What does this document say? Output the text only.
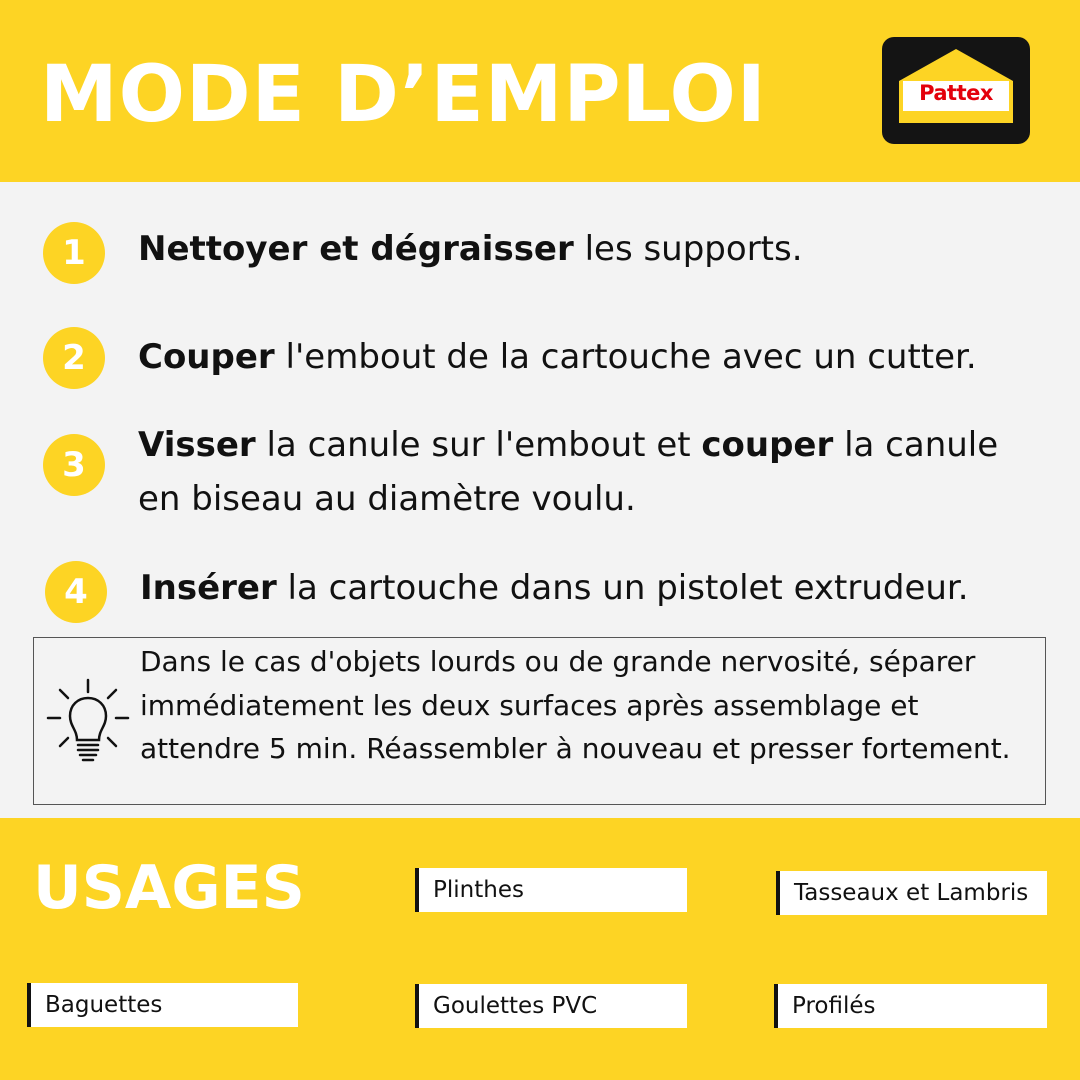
MODE D’EMPLOI	Pattex
1	Nettoyer et dégraisser les supports.
2	Couper l'embout de la cartouche avec un cutter.
3	Visser la canule sur l'embout et couper la canule
en biseau au diamètre voulu.
4	Insérer la cartouche dans un pistolet extrudeur.
Dans le cas d'objets lourds ou de grande nervosité, séparer immédiatement les deux surfaces après assemblage et attendre 5 min. Réassembler à nouveau et presser fortement.
USAGES	Plinthes	Tasseaux et Lambris
Baguettes	Goulettes PVC	Profilés
